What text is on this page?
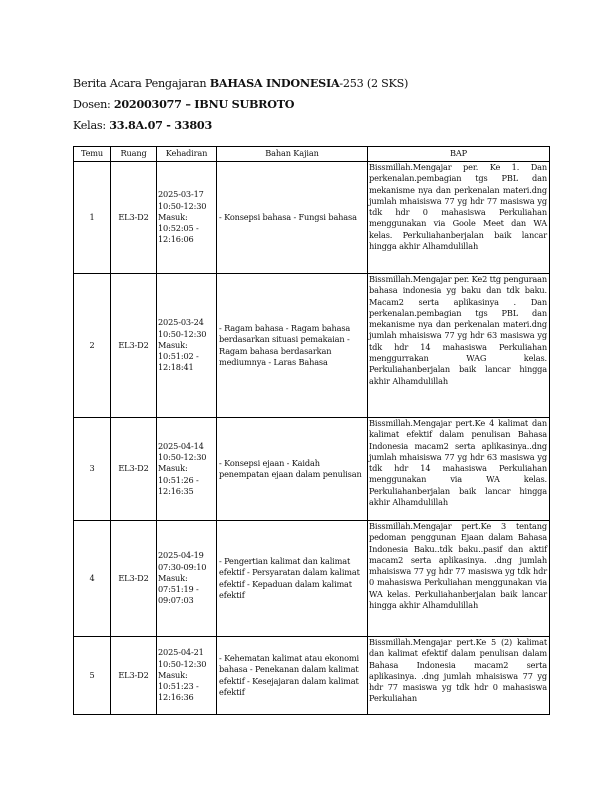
Berita Acara Pengajaran BAHASA INDONESIA-253 (2 SKS)
Dosen: 202003077 – IBNU SUBROTO
Kelas: 33.8A.07 - 33803
Temu	Ruang	Kehadiran	Bahan Kajian	BAP
1	EL3-D2	2025-03-17 10:50-12:30 Masuk: 10:52:05 - 12:16:06	- Konsepsi bahasa - Fungsi bahasa	Bissmillah.Mengajar per. Ke 1. Dan perkenalan.pembagian tgs PBL dan mekanisme nya dan perkenalan materi.dng jumlah mhaisiswa 77 yg hdr 77 masiswa yg tdk hdr 0 mahasiswa Perkuliahan menggunakan via Goole Meet dan WA kelas. Perkuliahanberjalan baik lancar hingga akhir Alhamdulillah
2	EL3-D2	2025-03-24 10:50-12:30 Masuk: 10:51:02 - 12:18:41	- Ragam bahasa - Ragam bahasa berdasarkan situasi pemakaian - Ragam bahasa berdasarkan mediumnya - Laras Bahasa	Bissmillah.Mengajar per. Ke2 ttg penguraan bahasa indonesia yg baku dan tdk baku. Macam2 serta aplikasinya . Dan perkenalan.pembagian tgs PBL dan mekanisme nya dan perkenalan materi.dng jumlah mhaisiswa 77 yg hdr 63 masiswa yg tdk hdr 14 mahasiswa Perkuliahan menggurrakan WAG kelas. Perkuliahanberjalan baik lancar hingga akhir Alhamdulillah
3	EL3-D2	2025-04-14 10:50-12:30 Masuk: 10:51:26 - 12:16:35	- Konsepsi ejaan - Kaidah penempatan ejaan dalam penulisan	Bissmillah.Mengajar pert.Ke 4 kalimat dan kalimat efektif dalam penulisan Bahasa Indonesia macam2 serta aplikasinya..dng jumlah mhaisiswa 77 yg hdr 63 masiswa yg tdk hdr 14 mahasiswa Perkuliahan menggunakan via WA kelas. Perkuliahanberjalan baik lancar hingga akhir Alhamdulillah
4	EL3-D2	2025-04-19 07:30-09:10 Masuk: 07:51:19 - 09:07:03	- Pengertian kalimat dan kalimat efektif - Persyaratan dalam kalimat efektif - Kepaduan dalam kalimat efektif	Bissmillah.Mengajar pert.Ke 3 tentang pedoman penggunan Ejaan dalam Bahasa Indonesia Baku..tdk baku..pasif dan aktif macam2 serta aplikasinya. .dng jumlah mhaisiswa 77 yg hdr 77 masiswa yg tdk hdr 0 mahasiswa Perkuliahan menggunakan via WA kelas. Perkuliahanberjalan baik lancar hingga akhir Alhamdulillah
5	EL3-D2	2025-04-21 10:50-12:30 Masuk: 10:51:23 - 12:16:36	- Kehematan kalimat atau ekonomi bahasa - Penekanan dalam kalimat efektif - Kesejajaran dalam kalimat efektif	Bissmillah.Mengajar pert.Ke 5 (2) kalimat dan kalimat efektif dalam penulisan dalam Bahasa Indonesia macam2 serta aplikasinya. .dng jumlah mhaisiswa 77 yg hdr 77 masiswa yg tdk hdr 0 mahasiswa Perkuliahan
